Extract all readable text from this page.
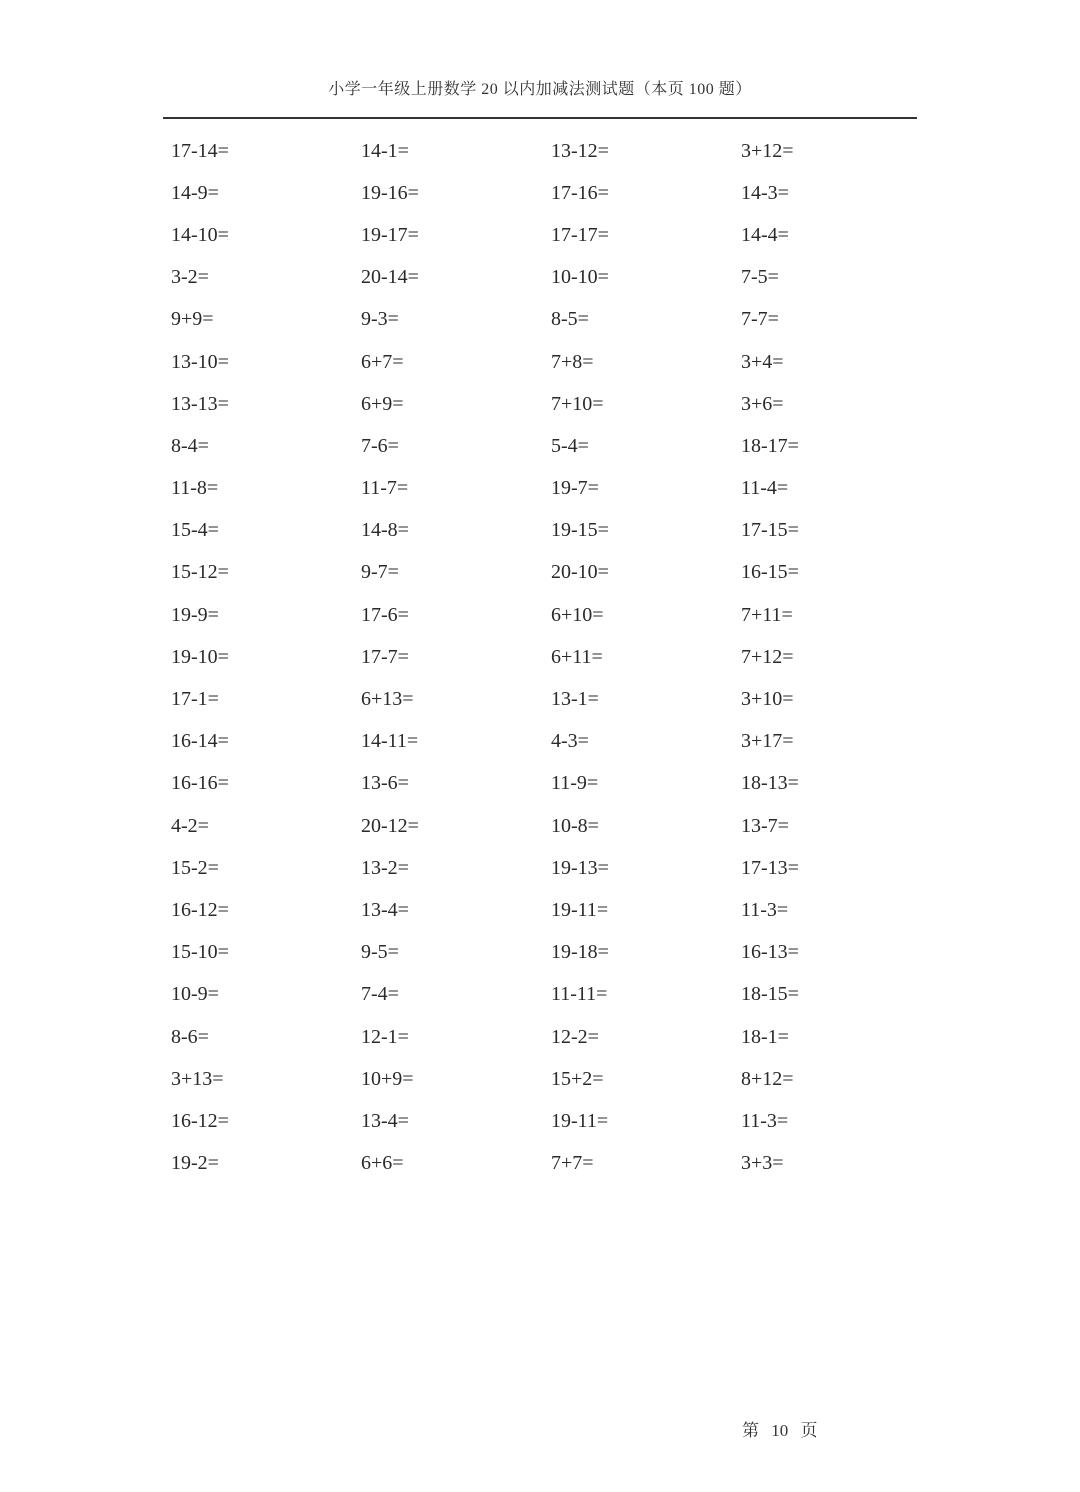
小学一年级上册数学 20 以内加减法测试题（本页 100 题）
17-14=	14-1=	13-12=	3+12=
14-9=	19-16=	17-16=	14-3=
14-10=	19-17=	17-17=	14-4=
3-2=	20-14=	10-10=	7-5=
9+9=	9-3=	8-5=	7-7=
13-10=	6+7=	7+8=	3+4=
13-13=	6+9=	7+10=	3+6=
8-4=	7-6=	5-4=	18-17=
11-8=	11-7=	19-7=	11-4=
15-4=	14-8=	19-15=	17-15=
15-12=	9-7=	20-10=	16-15=
19-9=	17-6=	6+10=	7+11=
19-10=	17-7=	6+11=	7+12=
17-1=	6+13=	13-1=	3+10=
16-14=	14-11=	4-3=	3+17=
16-16=	13-6=	11-9=	18-13=
4-2=	20-12=	10-8=	13-7=
15-2=	13-2=	19-13=	17-13=
16-12=	13-4=	19-11=	11-3=
15-10=	9-5=	19-18=	16-13=
10-9=	7-4=	11-11=	18-15=
8-6=	12-1=	12-2=	18-1=
3+13=	10+9=	15+2=	8+12=
16-12=	13-4=	19-11=	11-3=
19-2=	6+6=	7+7=	3+3=
第 10 页
